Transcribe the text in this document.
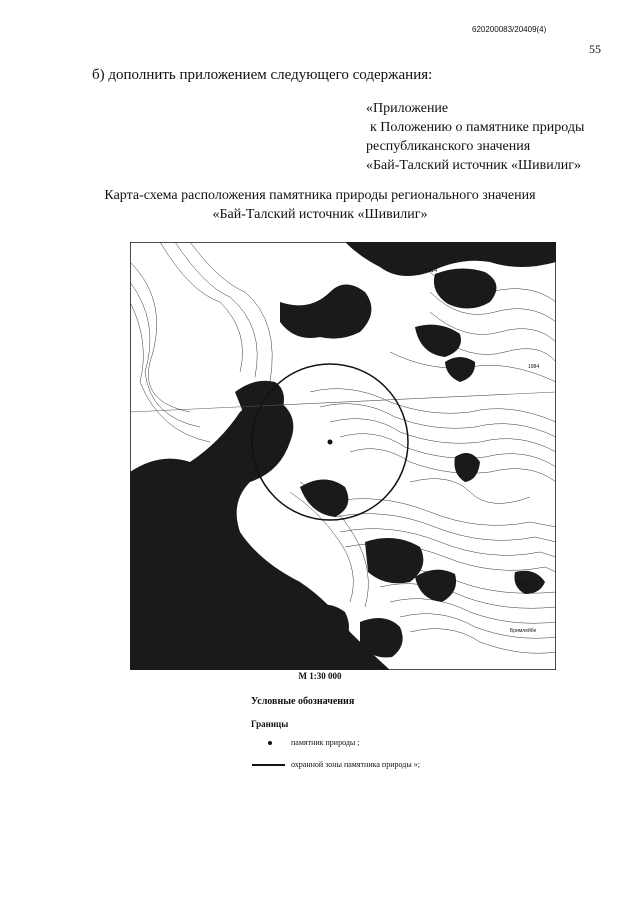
620200083/20409(4)
55
б) дополнить приложением следующего содержания:
«Приложение
к Положению о памятнике природы
республиканского значения
«Бай-Талский источник «Шивилиг»
Карта-схема расположения памятника природы регионального значения
«Бай-Талский источник «Шивилиг»
1924
1984
1860
Бримлейбе
М 1:30 000
Условные обозначения
Границы
памятник природы ;
охранной зоны памятника природы »;
